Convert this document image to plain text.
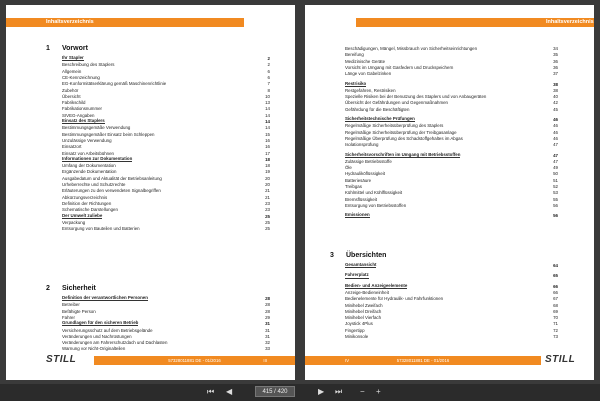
Inhaltsverzeichnis
1	Vorwort
Ihr Stapler	2
Beschreibung des Staplers	2
Allgemein	6
CE-Kennzeichnung	6
EG-Konformitätserklärung gemäß Maschinenrichtlinie	7
Zubehör	8
Übersicht	10
Fabrikschild	13
Fabrikationsnummer	14
SIVEG-Angaben	14
Einsatz des Staplers	14
Bestimmungsgemäße Verwendung	14
Bestimmungsgemäßer Einsatz beim Schleppen	15
Unzulässige Verwendung	16
Einsatzort	16
Einsatz von Arbeitsbühnen	17
Informationen zur Dokumentation	18
Umfang der Dokumentation	18
Ergänzende Dokumentation	19
Ausgabedatum und Aktualität der Betriebsanleitung	20
Urheberrechte und Schutzrechte	20
Erläuterungen zu den verwendeten Signalbegriffen	21
Abkürzungsverzeichnis	21
Definition der Richtungen	23
Schematische Darstellungen	23
Der Umwelt zuliebe	25
Verpackung	25
Entsorgung von Bauteilen und Batterien	25
2	Sicherheit
Definition der verantwortlichen Personen	28
Betreiber	28
Befähigte Person	28
Fahrer	29
Grundlagen für den sicheren Betrieb	31
Versicherungsschutz auf dem Betriebsgelände	31
Veränderungen und Nachrüstungen	31
Veränderungen am Fahrerschutzdach und Dachlasten	32
Warnung vor Nicht-Originalteilen	33
STILL	57328011881 DE - 01/2016	III
Inhaltsverzeichnis
Beschädigungen, Mängel, Missbrauch von Sicherheitseinrichtungen	34
Bereifung	35
Medizinische Geräte	36
Vorsicht im Umgang mit Gasfedern und Druckspeichern	36
Länge von Gabelzinken	37
Restrisiko	38
Restgefahren, Restrisiken	38
Spezielle Risiken bei der Benutzung des Staplers und von Anbaugeräten	40
Übersicht der Gefährdungen und Gegenmaßnahmen	42
Gefährdung für die Beschäftigten	45
Sicherheitstechnische Prüfungen	46
Regelmäßige Sicherheitsüberprüfung des Staplers	46
Regelmäßige Sicherheitsüberprüfung der Treibgasanlage	46
Regelmäßige Überprüfung des Schadstoffgehaltes im Abgas	46
Isolationsprüfung	47
Sicherheitsvorschriften im Umgang mit Betriebsstoffen	47
Zulässige Betriebsstoffe	47
Öle	49
Hydrauliköflüssigkeit	50
Batteriesäure	51
Treibgas	52
Kühlmittel und Kühlflüssigkeit	53
Bremsflüssigkeit	55
Entsorgung von Betriebsstoffen	56
Emissionen	56
3	Übersichten
Gesamtansicht	64
Fahrerplatz	65
Bedien- und Anzeigeelemente	66
Anzeige-Bedieneinheit	66
Bedienelemente für Hydraulik- und Fahrfunktionen	67
Minihebel Zweifach	68
Minihebel Dreifach	69
Minihebel Vierfach	70
Joystick 4Plus	71
Fingertipp	72
Minikonsole	73
IV	57328011881 DE - 01/2016	STILL
⏮ ◀	415 / 420	▶ ⏭ − +
